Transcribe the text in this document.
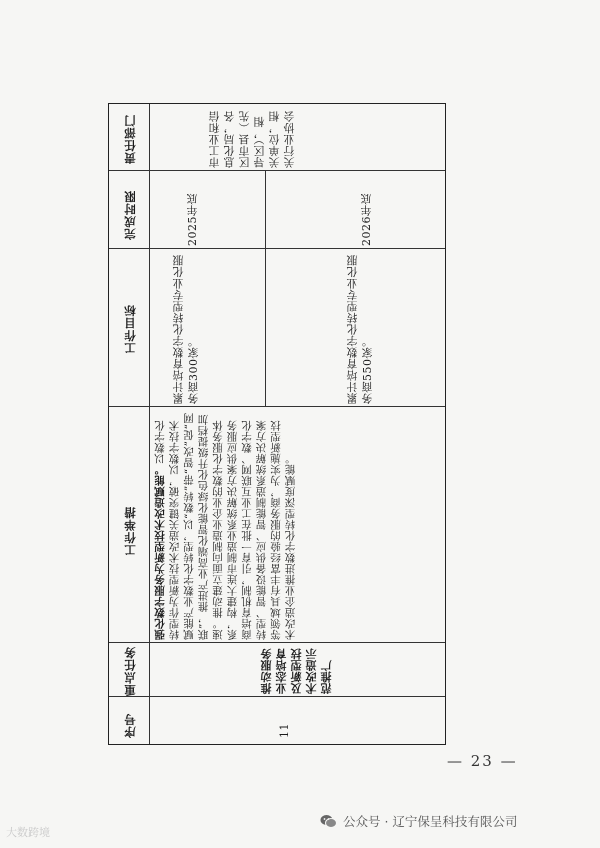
责任部门
完成时限
工作目标
工作举措
重点任务
序号
市工业和信息化局，各区市县（先导区），相关单位，相关行业协会
2025年底	2026年底
累计培育数字化转型专业化服务商300家。	累计培育数字化转型专业化服务商550家。
强化数字服务为新型技术改造赋能。以数字化转型作为新型技术改造关键突破，以数字技术赋能产业数字化转型，以“数转”带“智改”促“网联”，推进产业高端化智能化绿色化升级提档加速。推动建立面向制造业企业的数字化服务体系，构建大连市制造业系统解决方案供应服务商培育机制，引育一批在工业互联网、数字化转型、智能设备供应、智能制造系统解决方案等领域具有丰富经验的服务商，为实施新型技术改造企业推进数字化转型深度赋能。
推动服务业态培育及新型技术改造示范推广
11
— 23 —
大数跨境
公众号 · 辽宁保呈科技有限公司
